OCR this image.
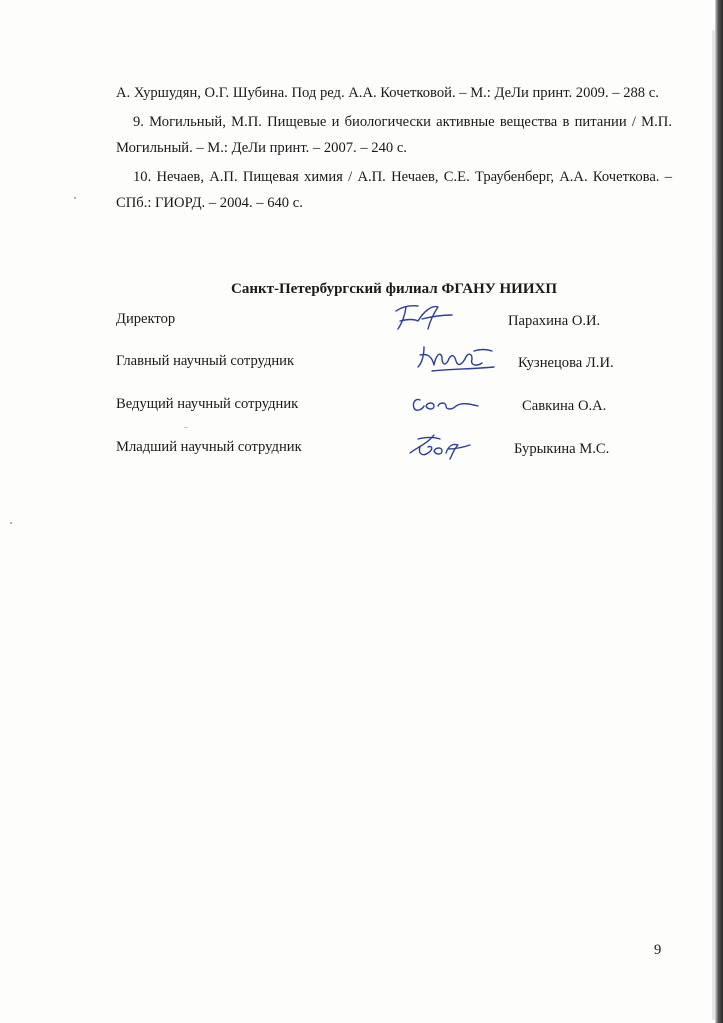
А. Хуршудян, О.Г. Шубина. Под ред. А.А. Кочетковой. – М.: ДеЛи принт. 2009. – 288 с.

9. Могильный, М.П. Пищевые и биологически активные вещества в питании / М.П. Могильный. – М.: ДеЛи принт. – 2007. – 240 с.

10. Нечаев, А.П. Пищевая химия / А.П. Нечаев, С.Е. Траубенберг, А.А. Кочеткова. – СПб.: ГИОРД. – 2004. – 640 с.

Санкт-Петербургский филиал ФГАНУ НИИХП
Директор	Парахина О.И.
Главный научный сотрудник	Кузнецова Л.И.
Ведущий научный сотрудник	Савкина О.А.
Младший научный сотрудник	Бурыкина М.С.
9
